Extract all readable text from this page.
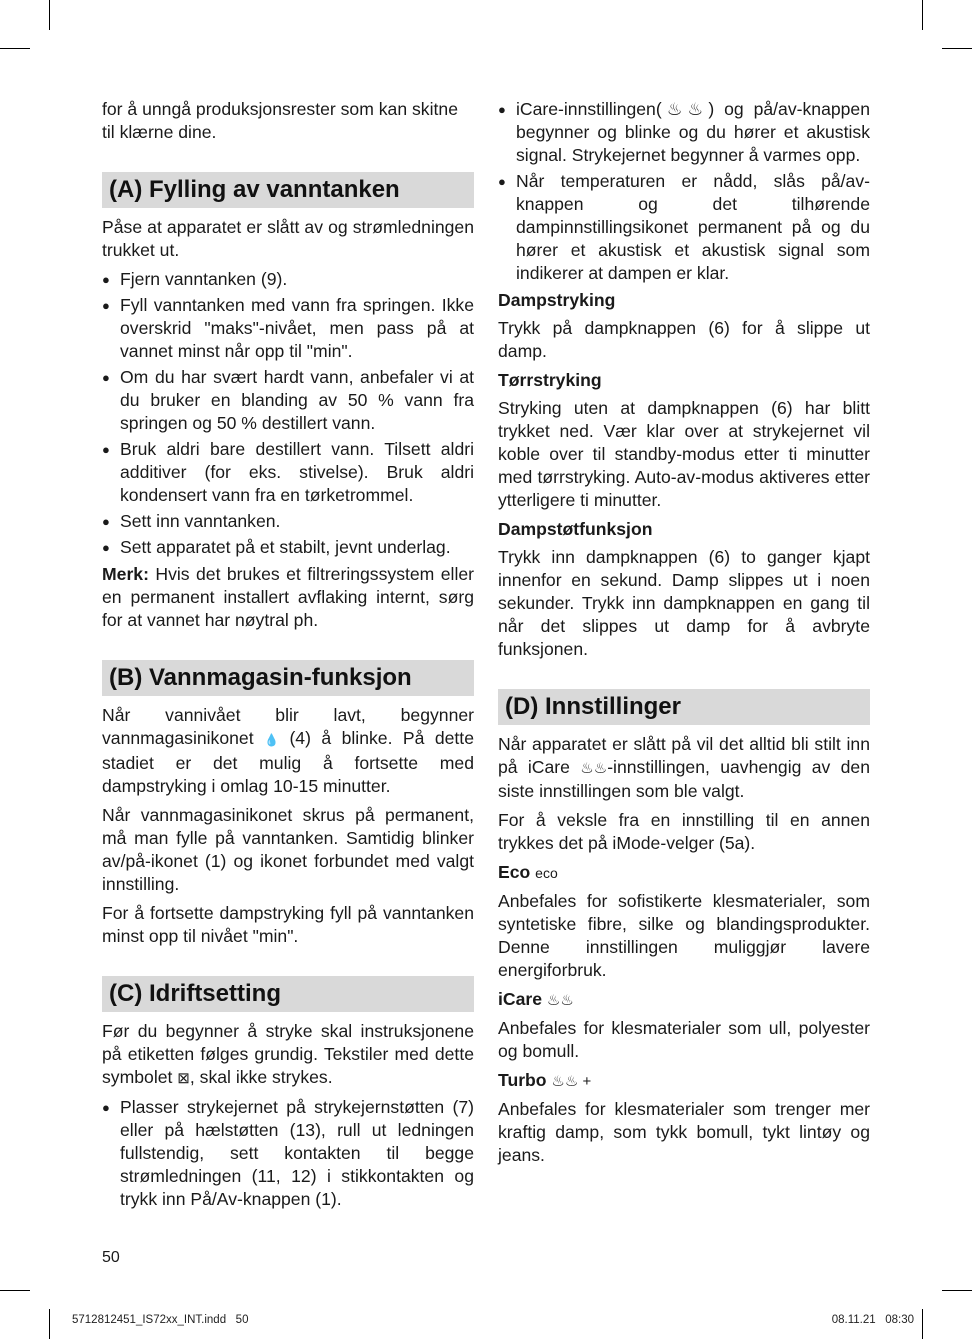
for å unngå produksjonsrester som kan skitne til klærne dine.

(A) Fylling av vanntanken

Påse at apparatet er slått av og strømledningen trukket ut.

● Fjern vanntanken (9).
● Fyll vanntanken med vann fra springen. Ikke overskrid "maks"-nivået, men pass på at vannet minst når opp til "min".
● Om du har svært hardt vann, anbefaler vi at du bruker en blanding av 50 % vann fra springen og 50 % destillert vann.
● Bruk aldri bare destillert vann. Tilsett aldri additiver (for eks. stivelse). Bruk aldri kondensert vann fra en tørketrommel.
● Sett inn vanntanken.
● Sett apparatet på et stabilt, jevnt underlag.

Merk: Hvis det brukes et filtreringssystem eller en permanent installert avflaking internt, sørg for at vannet har nøytral ph.

(B) Vannmagasin-funksjon

Når vannivået blir lavt, begynner vannmagasinikonet 💧 (4) å blinke. På dette stadiet er det mulig å fortsette med dampstryking i omlag 10-15 minutter.

Når vannmagasinikonet skrus på permanent, må man fylle på vanntanken. Samtidig blinker av/på-ikonet (1) og ikonet forbundet med valgt innstilling.

For å fortsette dampstryking fyll på vanntanken minst opp til nivået "min".

(C) Idriftsetting

Før du begynner å stryke skal instruksjonene på etiketten følges grundig. Tekstiler med dette symbolet ⊠, skal ikke strykes.

● Plasser strykejernet på strykejernstøtten (7) eller på hælstøtten (13), rull ut ledningen fullstendig, sett kontakten til begge strømledningen (11, 12) i stikkontakten og trykk inn På/Av-knappen (1).
● iCare-innstillingen(♨♨) og på/av-knappen begynner og blinke og du hører et akustisk signal. Strykejernet begynner å varmes opp.
● Når temperaturen er nådd, slås på/av-knappen og det tilhørende dampinnstillingsikonet permanent på og du hører et akustisk et akustisk signal som indikerer at dampen er klar.
Dampstryking

Trykk på dampknappen (6) for å slippe ut damp.

Tørrstryking

Stryking uten at dampknappen (6) har blitt trykket ned. Vær klar over at strykejernet vil koble over til standby-modus etter ti minutter med tørrstryking. Auto-av-modus aktiveres etter ytterligere ti minutter.

Dampstøtfunksjon

Trykk inn dampknappen (6) to ganger kjapt innenfor en sekund. Damp slippes ut i noen sekunder. Trykk inn dampknappen en gang til når det slippes ut damp for å avbryte funksjonen.

(D) Innstillinger

Når apparatet er slått på vil det alltid bli stilt inn på iCare ♨♨-innstillingen, uavhengig av den siste innstillingen som ble valgt.

For å veksle fra en innstilling til en annen trykkes det på iMode-velger (5a).

Eco eco

Anbefales for sofistikerte klesmaterialer, som syntetiske fibre, silke og blandingsprodukter. Denne innstillingen muliggjør lavere energiforbruk.

iCare ♨♨

Anbefales for klesmaterialer som ull, polyester og bomull.

Turbo ♨♨ +

Anbefales for klesmaterialer som trenger mer kraftig damp, som tykk bomull, tykt lintøy og jeans.

50
5712812451_IS72xx_INT.indd   50	08.11.21   08:30
